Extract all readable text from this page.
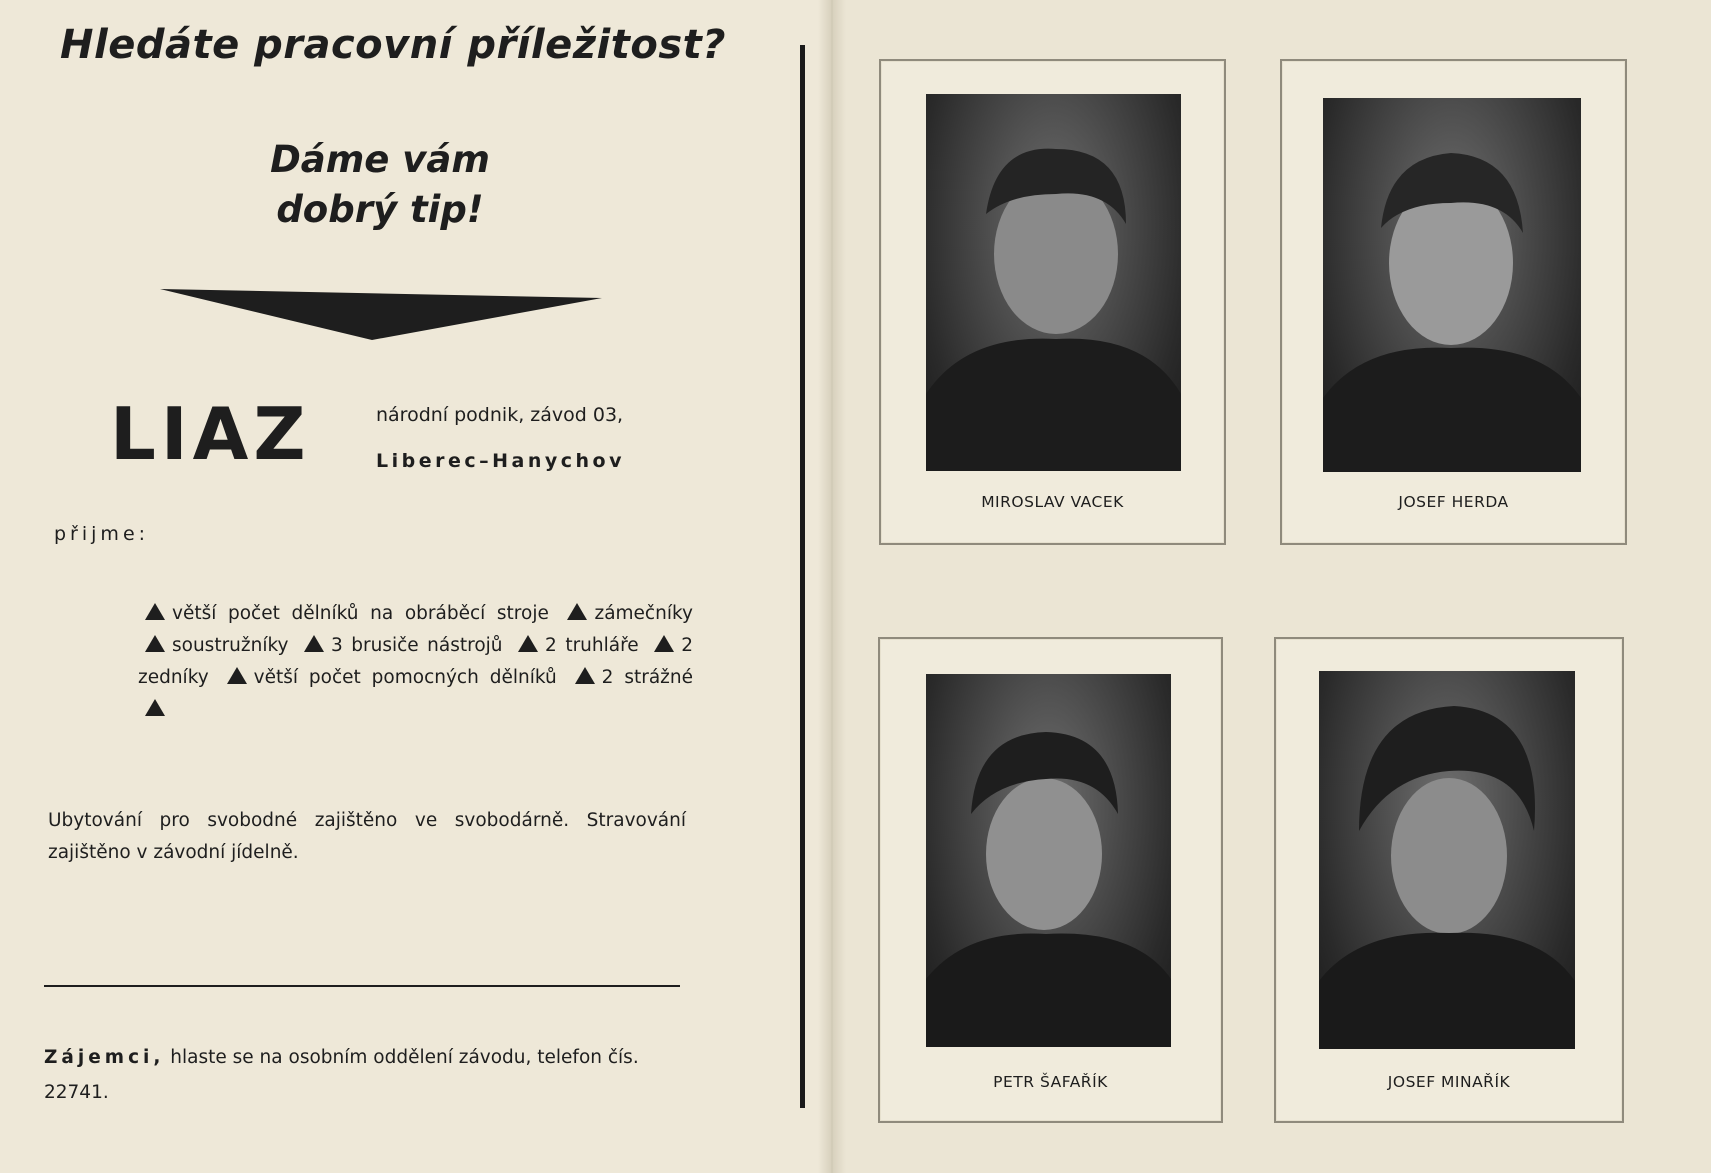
Hledáte pracovní příležitost?
Dáme vám
dobrý tip!
LIAZ	národní podnik, závod 03,
Liberec–Hanychov
přijme:
větší počet dělníků na obráběcí stroje zámečníky soustružníky 3 brusiče nástrojů 2 truhláře 2 zedníky větší počet pomocných dělníků 2 strážné
Ubytování pro svobodné zajištěno ve svobodárně. Stravování zajištěno v závodní jídelně.
Zájemci, hlaste se na osobním oddělení závodu, telefon čís. 22741.
MIROSLAV VACEK	JOSEF HERDA
PETR ŠAFAŘÍK	JOSEF MINAŘÍK
